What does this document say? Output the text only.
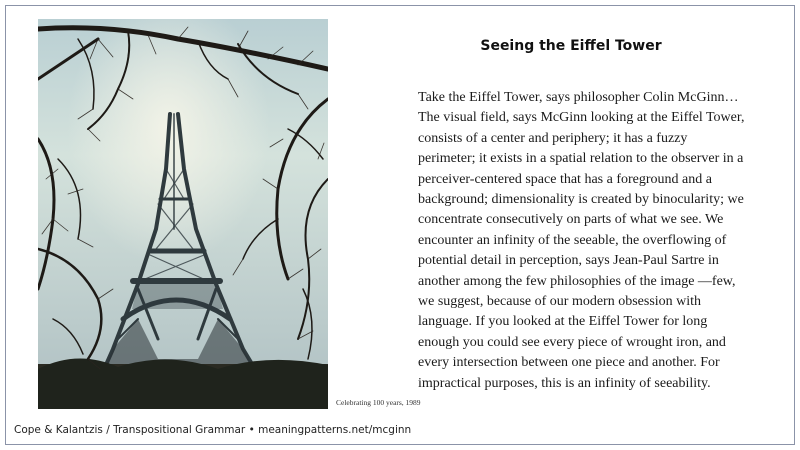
Celebrating 100 years, 1989
Seeing the Eiffel Tower

Take the Eiffel Tower, says philosopher Colin McGinn… The visual field, says McGinn looking at the Eiffel Tower, consists of a center and periphery; it has a fuzzy perimeter; it exists in a spatial relation to the observer in a perceiver-centered space that has a foreground and a background; dimensionality is created by binocularity; we concentrate consecutively on parts of what we see. We encounter an infinity of the seeable, the overflowing of potential detail in perception, says Jean-Paul Sartre in another among the few philosophies of the image —few, we suggest, because of our modern obsession with language. If you looked at the Eiffel Tower for long enough you could see every piece of wrought iron, and every intersection between one piece and another. For impractical purposes, this is an infinity of seeability.

Cope & Kalantzis / Transpositional Grammar • meaningpatterns.net/mcginn
